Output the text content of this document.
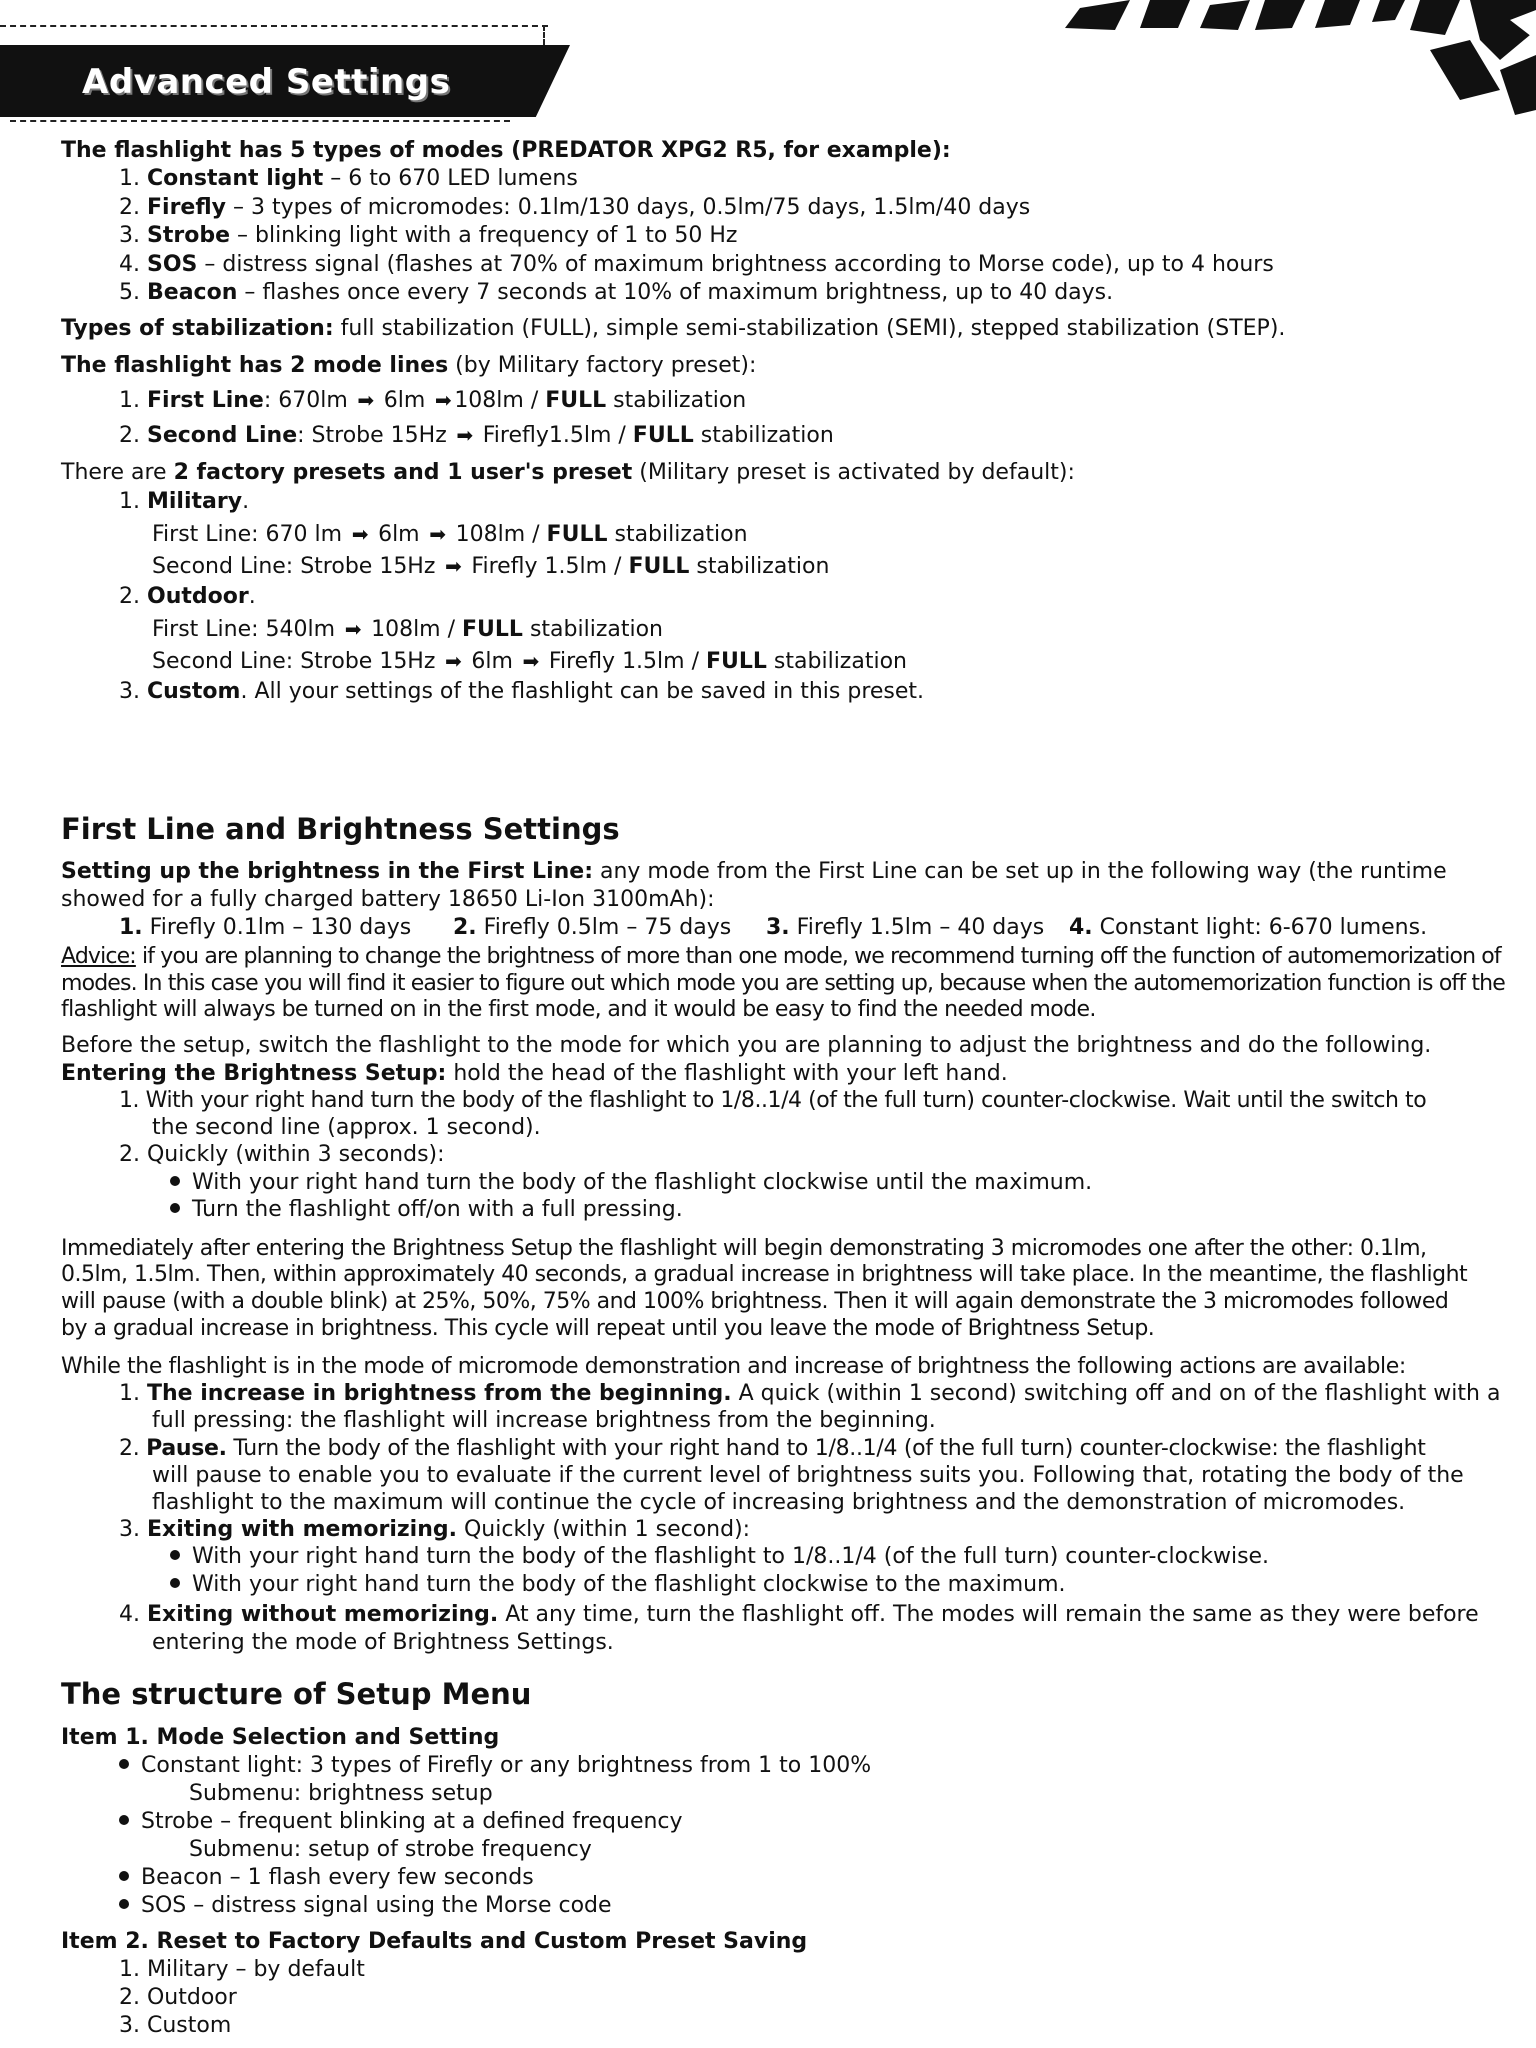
Advanced Settings
The flashlight has 5 types of modes (PREDATOR XPG2 R5, for example):
1. Constant light – 6 to 670 LED lumens
2. Firefly – 3 types of micromodes: 0.1lm/130 days, 0.5lm/75 days, 1.5lm/40 days
3. Strobe – blinking light with a frequency of 1 to 50 Hz
4. SOS – distress signal (flashes at 70% of maximum brightness according to Morse code), up to 4 hours
5. Beacon – flashes once every 7 seconds at 10% of maximum brightness, up to 40 days.
Types of stabilization: full stabilization (FULL), simple semi-stabilization (SEMI), stepped stabilization (STEP).
The flashlight has 2 mode lines (by Military factory preset):
1. First Line: 670lm ➡ 6lm ➡ 108lm / FULL stabilization
2. Second Line: Strobe 15Hz ➡ Firefly1.5lm / FULL stabilization
There are 2 factory presets and 1 user's preset (Military preset is activated by default):
1. Military.
First Line: 670 lm ➡ 6lm ➡ 108lm / FULL stabilization
Second Line: Strobe 15Hz ➡ Firefly 1.5lm / FULL stabilization
2. Outdoor.
First Line: 540lm ➡ 108lm / FULL stabilization
Second Line: Strobe 15Hz ➡ 6lm ➡ Firefly 1.5lm / FULL stabilization
3. Custom. All your settings of the flashlight can be saved in this preset.
First Line and Brightness Settings
Setting up the brightness in the First Line: any mode from the First Line can be set up in the following way (the runtime
showed for a fully charged battery 18650 Li-Ion 3100mAh):
1. Firefly 0.1lm – 130 days 2. Firefly 0.5lm – 75 days 3. Firefly 1.5lm – 40 days 4. Constant light: 6-670 lumens.
Advice: if you are planning to change the brightness of more than one mode, we recommend turning off the function of automemorization of
modes. In this case you will find it easier to figure out which mode you are setting up, because when the automemorization function is off the
flashlight will always be turned on in the first mode, and it would be easy to find the needed mode.
Before the setup, switch the flashlight to the mode for which you are planning to adjust the brightness and do the following.
Entering the Brightness Setup: hold the head of the flashlight with your left hand.
1. With your right hand turn the body of the flashlight to 1/8..1/4 (of the full turn) counter-clockwise. Wait until the switch to
the second line (approx. 1 second).
2. Quickly (within 3 seconds):
With your right hand turn the body of the flashlight clockwise until the maximum.
Turn the flashlight off/on with a full pressing.
Immediately after entering the Brightness Setup the flashlight will begin demonstrating 3 micromodes one after the other: 0.1lm,
0.5lm, 1.5lm. Then, within approximately 40 seconds, a gradual increase in brightness will take place. In the meantime, the flashlight
will pause (with a double blink) at 25%, 50%, 75% and 100% brightness. Then it will again demonstrate the 3 micromodes followed
by a gradual increase in brightness. This cycle will repeat until you leave the mode of Brightness Setup.
While the flashlight is in the mode of micromode demonstration and increase of brightness the following actions are available:
1. The increase in brightness from the beginning. A quick (within 1 second) switching off and on of the flashlight with a
full pressing: the flashlight will increase brightness from the beginning.
2. Pause. Turn the body of the flashlight with your right hand to 1/8..1/4 (of the full turn) counter-clockwise: the flashlight
will pause to enable you to evaluate if the current level of brightness suits you. Following that, rotating the body of the
flashlight to the maximum will continue the cycle of increasing brightness and the demonstration of micromodes.
3. Exiting with memorizing. Quickly (within 1 second):
With your right hand turn the body of the flashlight to 1/8..1/4 (of the full turn) counter-clockwise.
With your right hand turn the body of the flashlight clockwise to the maximum.
4. Exiting without memorizing. At any time, turn the flashlight off. The modes will remain the same as they were before
entering the mode of Brightness Settings.
The structure of Setup Menu
Item 1. Mode Selection and Setting
Constant light: 3 types of Firefly or any brightness from 1 to 100%
Submenu: brightness setup
Strobe – frequent blinking at a defined frequency
Submenu: setup of strobe frequency
Beacon – 1 flash every few seconds
SOS – distress signal using the Morse code
Item 2. Reset to Factory Defaults and Custom Preset Saving
1. Military – by default
2. Outdoor
3. Custom
